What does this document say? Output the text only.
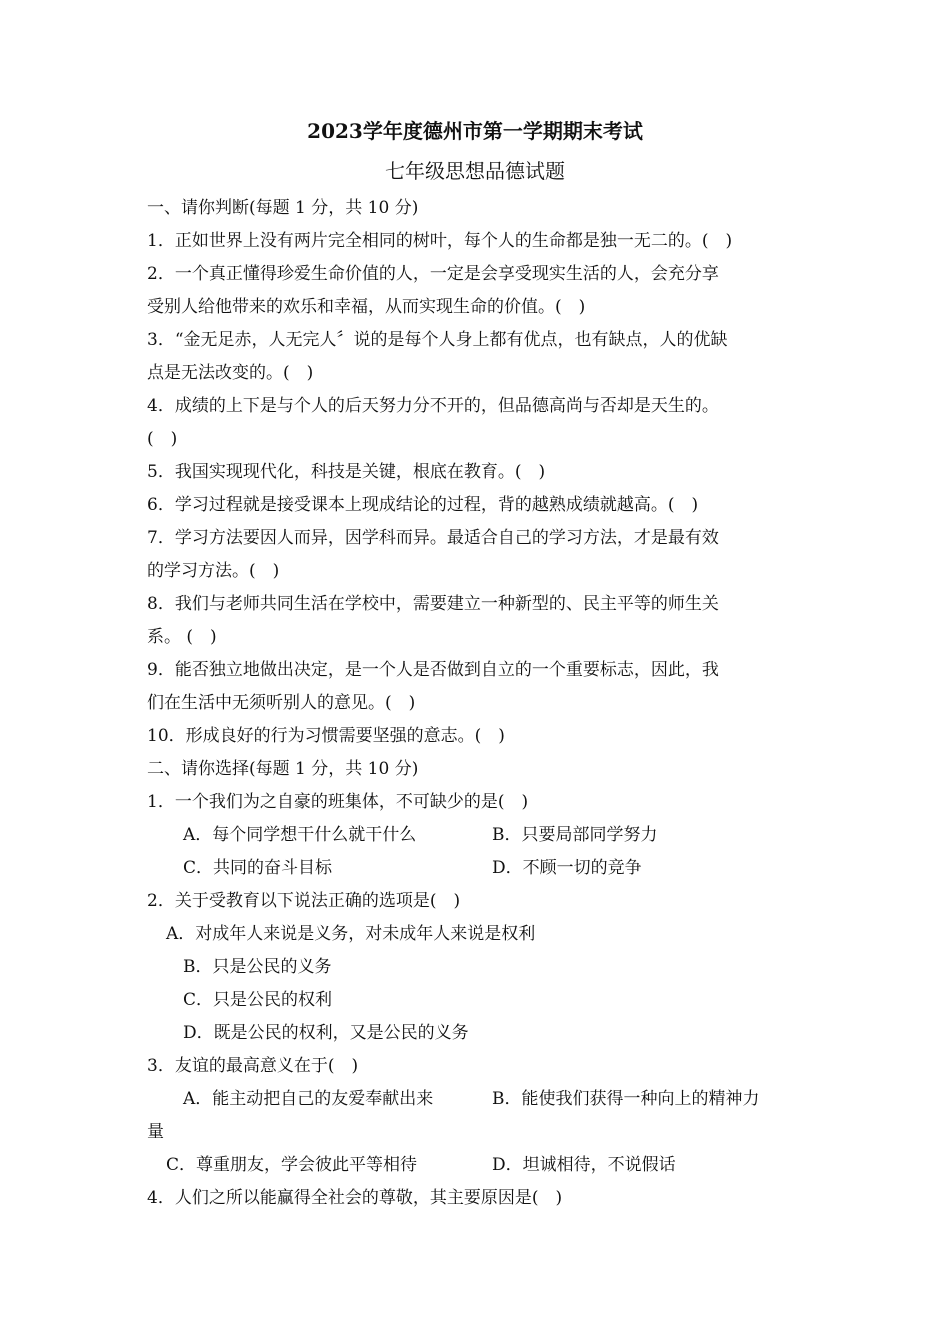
2023学年度德州市第一学期期末考试
七年级思想品德试题
一、请你判断(每题 1 分，共 10 分)
1．正如世界上没有两片完全相同的树叶，每个人的生命都是独一无二的。(　)
2．一个真正懂得珍爱生命价值的人，一定是会享受现实生活的人，会充分享
受别人给他带来的欢乐和幸福，从而实现生命的价值。(　)
3．“金无足赤，人无完人〞说的是每个人身上都有优点，也有缺点，人的优缺
点是无法改变的。(　)
4．成绩的上下是与个人的后天努力分不开的，但品德高尚与否却是天生的。
(　)
5．我国实现现代化，科技是关键，根底在教育。(　)
6．学习过程就是接受课本上现成结论的过程，背的越熟成绩就越高。(　)
7．学习方法要因人而异，因学科而异。最适合自己的学习方法，才是最有效
的学习方法。(　)
8．我们与老师共同生活在学校中，需要建立一种新型的、民主平等的师生关
系。 (　)
9．能否独立地做出决定，是一个人是否做到自立的一个重要标志，因此，我
们在生活中无须听别人的意见。(　)
10．形成良好的行为习惯需要坚强的意志。(　)
二、请你选择(每题 1 分，共 10 分)
1．一个我们为之自豪的班集体，不可缺少的是(　)
A．每个同学想干什么就干什么	B．只要局部同学努力
C．共同的奋斗目标	D．不顾一切的竞争
2．关于受教育以下说法正确的选项是(　)
A．对成年人来说是义务，对未成年人来说是权利
B．只是公民的义务
C．只是公民的权利
D．既是公民的权利，又是公民的义务
3．友谊的最高意义在于(　)
A．能主动把自己的友爱奉献出来	B．能使我们获得一种向上的精神力
量
C．尊重朋友，学会彼此平等相待	D．坦诚相待，不说假话
4．人们之所以能赢得全社会的尊敬，其主要原因是(　)
